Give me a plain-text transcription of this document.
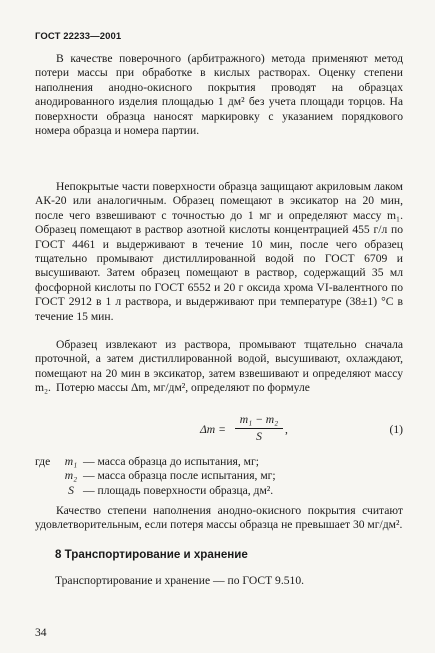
ГОСТ 22233—2001

В качестве поверочного (арбитражного) метода применяют метод потери массы при обработке в кислых растворах. Оценку степени наполнения анодно-окисного покрытия проводят на образцах анодированного изделия площадью 1 дм² без учета площади торцов. На поверхности образца наносят маркировку с указанием порядкового номера образца и номера партии.

Непокрытые части поверхности образца защищают акриловым лаком АК-20 или аналогичным. Образец помещают в эксикатор на 20 мин, после чего взвешивают с точностью до 1 мг и определяют массу m₁. Образец помещают в раствор азотной кислоты концентрацией 455 г/л по ГОСТ 4461 и выдерживают в течение 10 мин, после чего образец тщательно промывают дистиллированной водой по ГОСТ 6709 и высушивают. Затем образец помещают в раствор, содержащий 35 мл фосфорной кислоты по ГОСТ 6552 и 20 г оксида хрома VI-валентного по ГОСТ 2912 в 1 л раствора, и выдерживают при температуре (38±1) °С в течение 15 мин.

Образец извлекают из раствора, промывают тщательно сначала проточной, а затем дистиллированной водой, высушивают, охлаждают, помещают на 20 мин в эксикатор, затем взвешивают и определяют массу m₂. Потерю массы Δm, мг/дм², определяют по формуле

Δm =
m₁ − m₂
S
,	(1)
где m₁ — масса образца до испытания, мг;
m₂ — масса образца после испытания, мг;
S — площадь поверхности образца, дм².

Качество степени наполнения анодно-окисного покрытия считают удовлетворительным, если потеря массы образца не превышает 30 мг/дм².

8 Транспортирование и хранение
Транспортирование и хранение — по ГОСТ 9.510.
34
